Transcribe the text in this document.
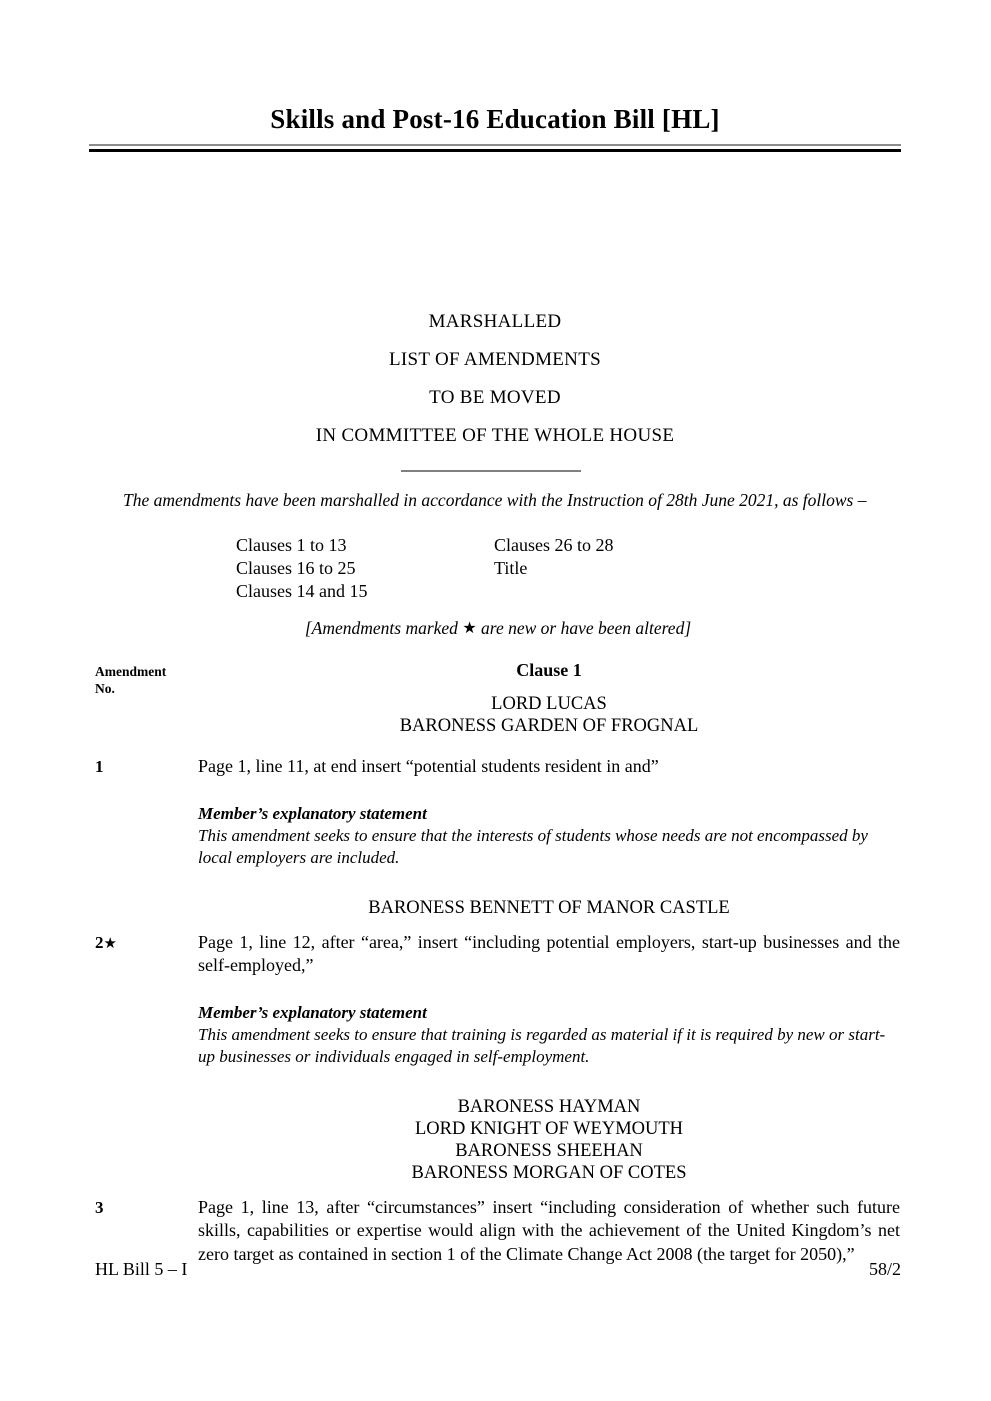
Skills and Post-16 Education Bill [HL]
MARSHALLED
LIST OF AMENDMENTS
TO BE MOVED
IN COMMITTEE OF THE WHOLE HOUSE
The amendments have been marshalled in accordance with the Instruction of 28th June 2021, as follows –
Clauses 1 to 13	Clauses 26 to 28
Clauses 16 to 25	Title
Clauses 14 and 15
[Amendments marked ★ are new or have been altered]
Amendment
No.
Clause 1
LORD LUCAS
BARONESS GARDEN OF FROGNAL
1	Page 1, line 11, at end insert “potential students resident in and”
Member’s explanatory statement
This amendment seeks to ensure that the interests of students whose needs are not encompassed by local employers are included.
BARONESS BENNETT OF MANOR CASTLE
2★	Page 1, line 12, after “area,” insert “including potential employers, start-up businesses and the self-employed,”
Member’s explanatory statement
This amendment seeks to ensure that training is regarded as material if it is required by new or start-up businesses or individuals engaged in self-employment.
BARONESS HAYMAN
LORD KNIGHT OF WEYMOUTH
BARONESS SHEEHAN
BARONESS MORGAN OF COTES
3	Page 1, line 13, after “circumstances” insert “including consideration of whether such future skills, capabilities or expertise would align with the achievement of the United Kingdom’s net zero target as contained in section 1 of the Climate Change Act 2008 (the target for 2050),”
HL Bill 5 – I	58/2
